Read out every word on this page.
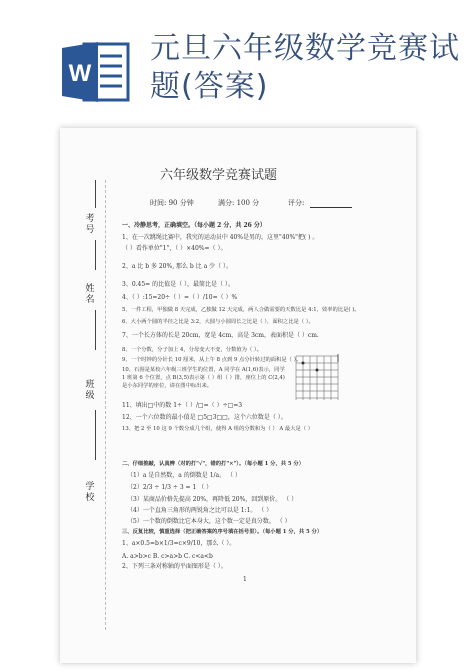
W
元旦六年级数学竞赛试题(答案)
考号
姓名
班级
学校
六年级数学竞赛试题
时间: 90 分钟	满分: 100 分	评分:
一、冷静思考，正确填空。（每小题 2 分，共 26 分）
1、在一次跳绳比赛中，我究的运动员中 40%是男的，这里"40%"把( ) 。
（ ）看作单位"1"，（ ）×40%=（ ）。
2、a 比 b 多 20%, 那么 b 比 a 少（ ）。
3、0.45= 的比值是（ ），最简比是（ ）。
4、（ ）:15=20÷（ ）=（ ）/10=（ ）%
5、一件工程，甲独做 8 天完成，乙独做 12 天完成，两人合做需要的天数比是 4:1，效率的比是( )。
6、大小两个圆的半径之比是 3:2，大圆与小圆周长之比是（ ），面积之比是（ ）。
7、一个长方体的长是 20cm，宽是 4cm，高是 3cm，表面积是（ ）cm.
8、一个分数，分子加上 4，分母变大不变，分数值为（ ）。
9、一个时钟的分针长 10 厘米，从上午 8 点到 9 点分针转过的面积是（ ）。
10、石围是某校六年级三班学生的位置，A 同学在 A(1,6)表示，同学 1 班第 6 个位置，点 B(3,5)表示第（ ）组（ ）排，座位上的 C(2,4)是小东同学的座位，请在图中标出来。
11、填出□中的数 1÷（ ）/□=（ ）÷□=3
12、一个六位数的最小值是 □5□3□□，这个六位数是（ ）。
13、把 2 至 10 这 9 个数分成几个组，使得 A 组的分数和为（ ） A 最大是（ ）
二、仔细推敲，认真辨（对的打"√"，错的打"×"）。（每小题 1 分，共 5 分）
（1）a 是自然数，a 的倒数是 1/a。 （ ）
（2）2/3 ÷ 1/3 ÷ 3 = 1 （ ）
（3）某商品价格先提高 20%，再降低 20%，回到原价。 （ ）
（4）一个直角三角形的两锐角之比可以是 1:1。 （ ）
（5）一个数的倒数比它本身大，这个数一定是真分数。 （ ）
三、反复比较，慎重选择（把正确答案的序号填在括号里）。（每小题 1 分，共 5 分）
1、a×0.5=b×1/3=c×9/10，那么（ ）。
A. a>b>c B. c>a>b C. c<a<b
2、下列三条对称轴的平面图形是（ ）。
1
